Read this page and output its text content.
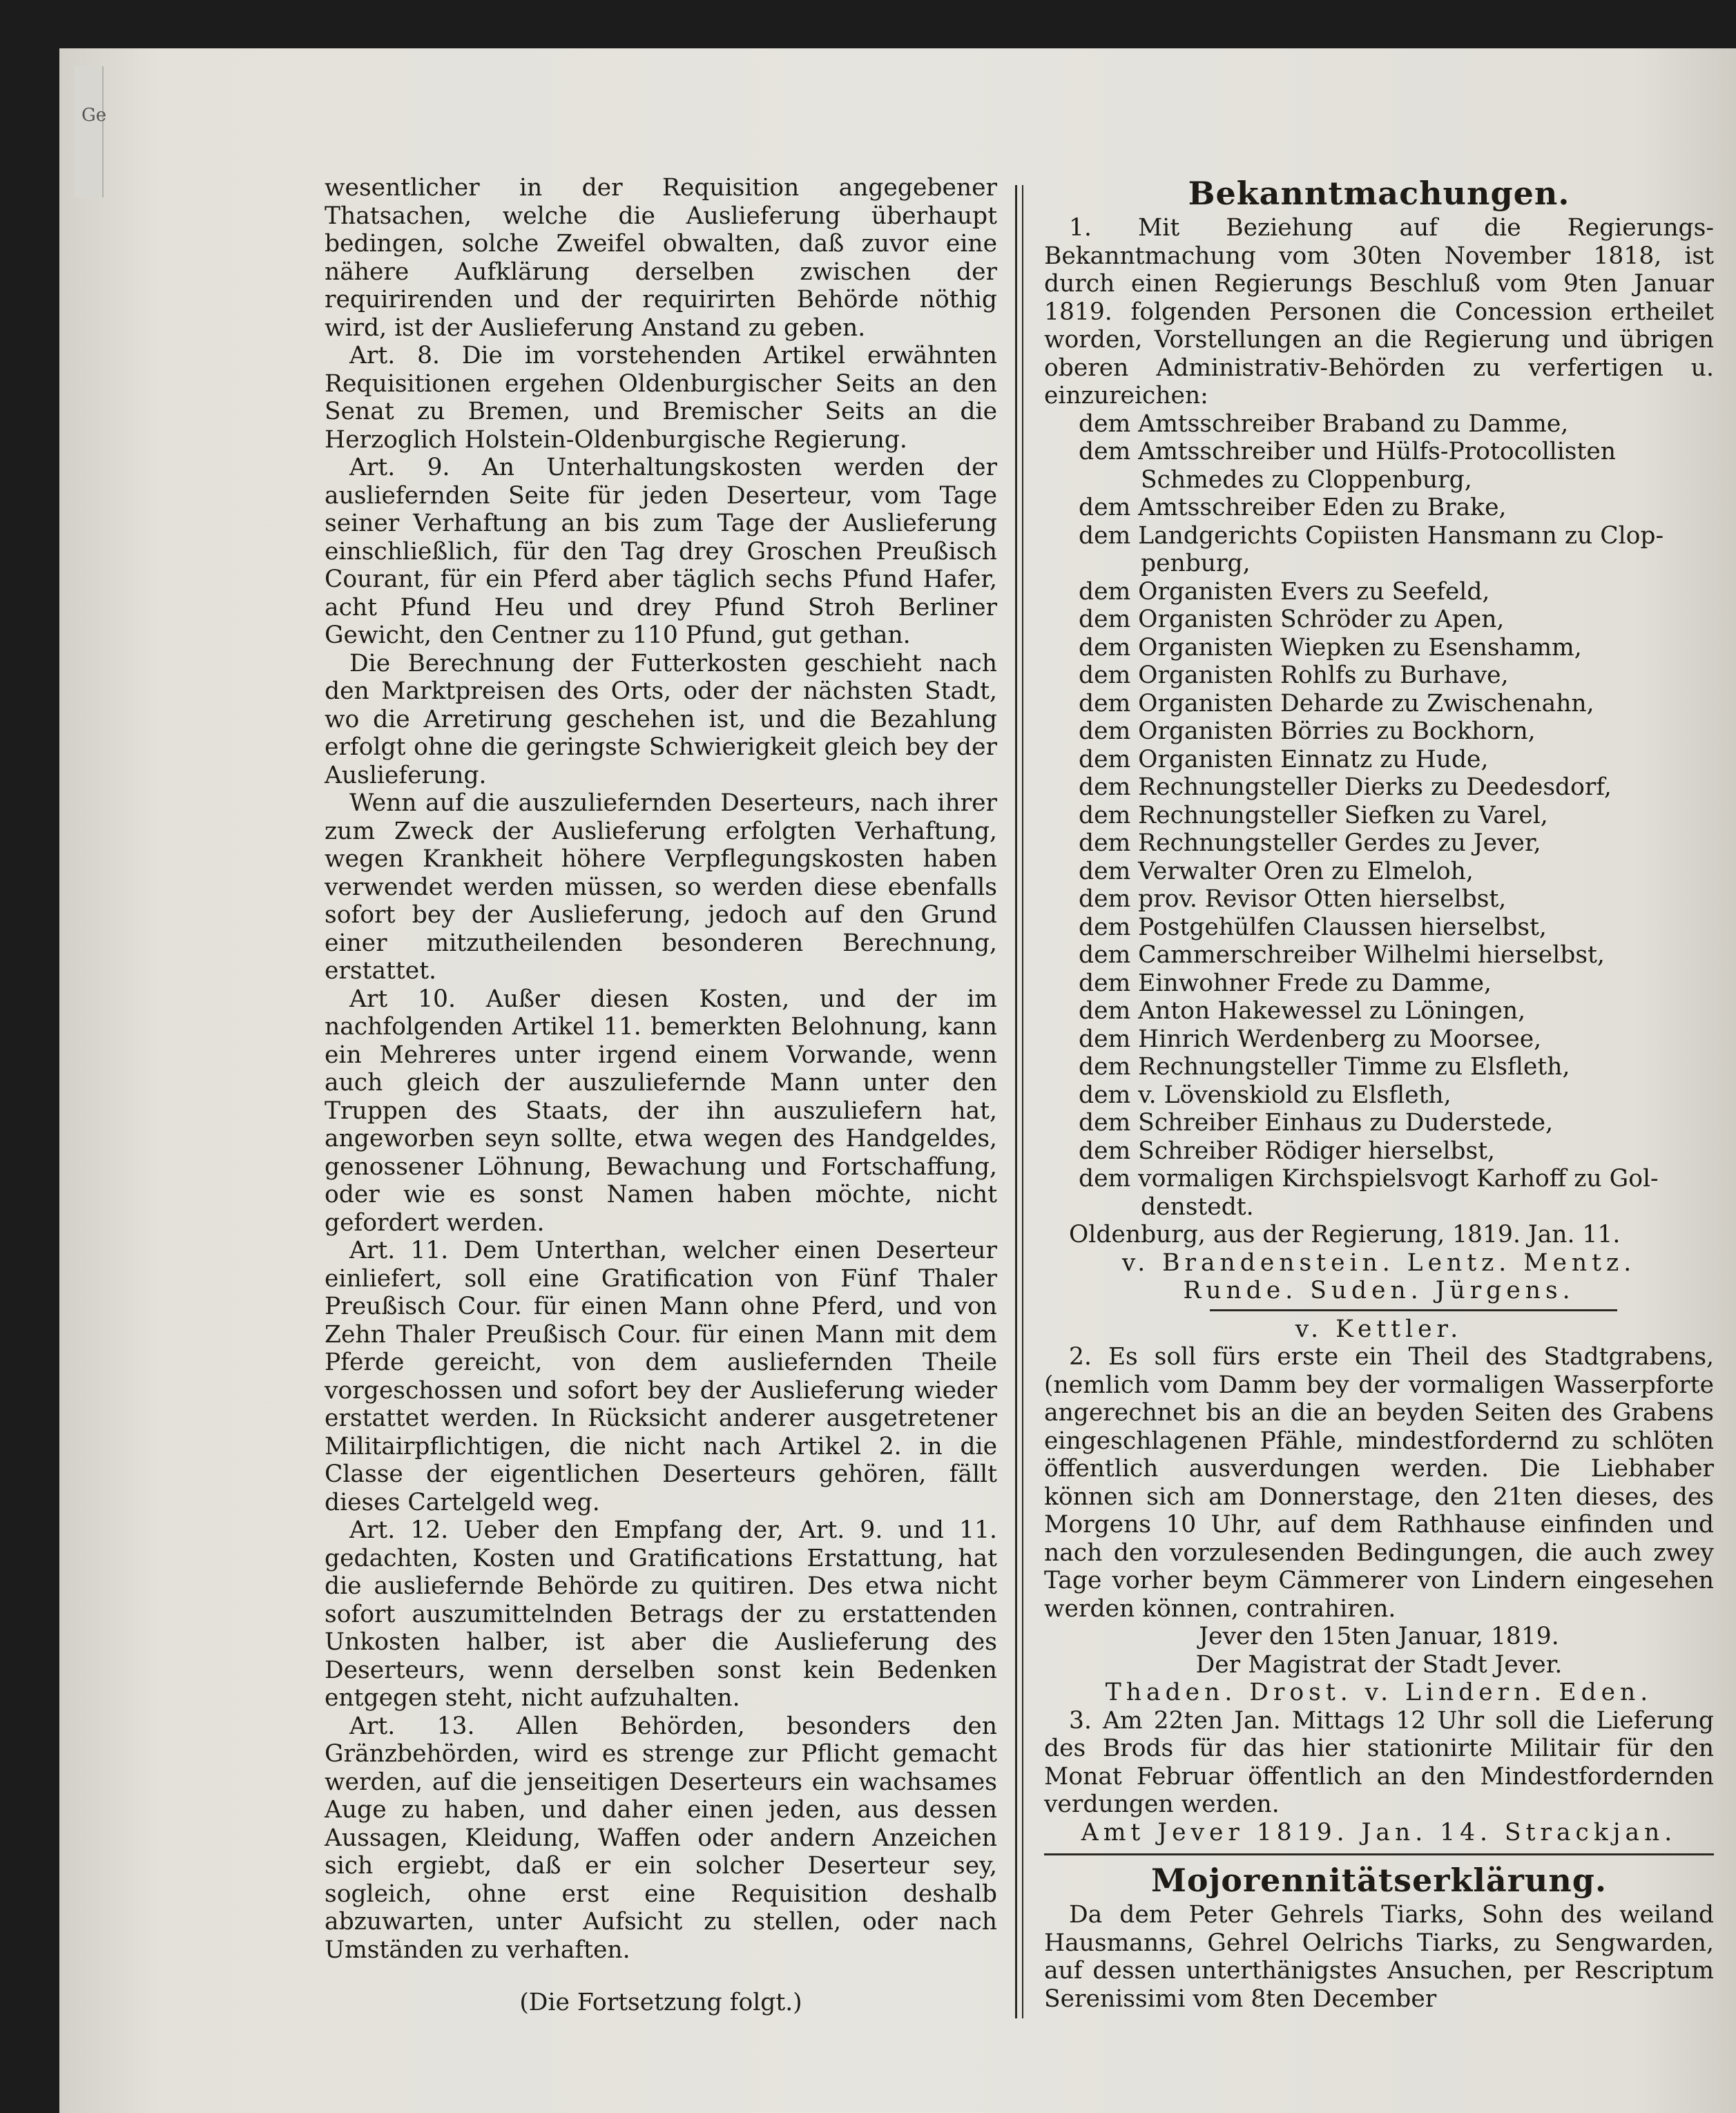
Ge

wesentlicher in der Requisition angegebener Thatsachen, welche die Auslieferung überhaupt bedingen, solche Zweifel obwalten, daß zuvor eine nähere Aufklärung derselben zwischen der requirirenden und der requirirten Behörde nöthig wird, ist der Auslieferung Anstand zu geben.

Art. 8. Die im vorstehenden Artikel erwähnten Requisitionen ergehen Oldenburgischer Seits an den Senat zu Bremen, und Bremischer Seits an die Herzoglich Holstein-Oldenburgische Regierung.

Art. 9. An Unterhaltungskosten werden der ausliefernden Seite für jeden Deserteur, vom Tage seiner Verhaftung an bis zum Tage der Auslieferung einschließlich, für den Tag drey Groschen Preußisch Courant, für ein Pferd aber täglich sechs Pfund Hafer, acht Pfund Heu und drey Pfund Stroh Berliner Gewicht, den Centner zu 110 Pfund, gut gethan.

Die Berechnung der Futterkosten geschieht nach den Marktpreisen des Orts, oder der nächsten Stadt, wo die Arretirung geschehen ist, und die Bezahlung erfolgt ohne die geringste Schwierigkeit gleich bey der Auslieferung.

Wenn auf die auszuliefernden Deserteurs, nach ihrer zum Zweck der Auslieferung erfolgten Verhaftung, wegen Krankheit höhere Verpflegungskosten haben verwendet werden müssen, so werden diese ebenfalls sofort bey der Auslieferung, jedoch auf den Grund einer mitzutheilenden besonderen Berechnung, erstattet.

Art 10. Außer diesen Kosten, und der im nachfolgenden Artikel 11. bemerkten Belohnung, kann ein Mehreres unter irgend einem Vorwande, wenn auch gleich der auszuliefernde Mann unter den Truppen des Staats, der ihn auszuliefern hat, angeworben seyn sollte, etwa wegen des Handgeldes, genossener Löhnung, Bewachung und Fortschaffung, oder wie es sonst Namen haben möchte, nicht gefordert werden.

Art. 11. Dem Unterthan, welcher einen Deserteur einliefert, soll eine Gratification von Fünf Thaler Preußisch Cour. für einen Mann ohne Pferd, und von Zehn Thaler Preußisch Cour. für einen Mann mit dem Pferde gereicht, von dem ausliefernden Theile vorgeschossen und sofort bey der Auslieferung wieder erstattet werden. In Rücksicht anderer ausgetretener Militairpflichtigen, die nicht nach Artikel 2. in die Classe der eigentlichen Deserteurs gehören, fällt dieses Cartelgeld weg.

Art. 12. Ueber den Empfang der, Art. 9. und 11. gedachten, Kosten und Gratifications Erstattung, hat die ausliefernde Behörde zu quitiren. Des etwa nicht sofort auszumittelnden Betrags der zu erstattenden Unkosten halber, ist aber die Auslieferung des Deserteurs, wenn derselben sonst kein Bedenken entgegen steht, nicht aufzuhalten.

Art. 13. Allen Behörden, besonders den Gränzbehörden, wird es strenge zur Pflicht gemacht werden, auf die jenseitigen Deserteurs ein wachsames Auge zu haben, und daher einen jeden, aus dessen Aussagen, Kleidung, Waffen oder andern Anzeichen sich ergiebt, daß er ein solcher Deserteur sey, sogleich, ohne erst eine Requisition deshalb abzuwarten, unter Aufsicht zu stellen, oder nach Umständen zu verhaften.

(Die Fortsetzung folgt.)

Bekanntmachungen.

1. Mit Beziehung auf die Regierungs-Bekanntmachung vom 30ten November 1818, ist durch einen Regierungs Beschluß vom 9ten Januar 1819. folgenden Personen die Concession ertheilet worden, Vorstellungen an die Regierung und übrigen oberen Administrativ-Behörden zu verfertigen u. einzureichen:

dem Amtsschreiber Braband zu Damme,
dem Amtsschreiber und Hülfs-Protocollisten
Schmedes zu Cloppenburg,
dem Amtsschreiber Eden zu Brake,
dem Landgerichts Copiisten Hansmann zu Clop-
penburg,
dem Organisten Evers zu Seefeld,
dem Organisten Schröder zu Apen,
dem Organisten Wiepken zu Esenshamm,
dem Organisten Rohlfs zu Burhave,
dem Organisten Deharde zu Zwischenahn,
dem Organisten Börries zu Bockhorn,
dem Organisten Einnatz zu Hude,
dem Rechnungsteller Dierks zu Deedesdorf,
dem Rechnungsteller Siefken zu Varel,
dem Rechnungsteller Gerdes zu Jever,
dem Verwalter Oren zu Elmeloh,
dem prov. Revisor Otten hierselbst,
dem Postgehülfen Claussen hierselbst,
dem Cammerschreiber Wilhelmi hierselbst,
dem Einwohner Frede zu Damme,
dem Anton Hakewessel zu Löningen,
dem Hinrich Werdenberg zu Moorsee,
dem Rechnungsteller Timme zu Elsfleth,
dem v. Lövenskiold zu Elsfleth,
dem Schreiber Einhaus zu Duderstede,
dem Schreiber Rödiger hierselbst,
dem vormaligen Kirchspielsvogt Karhoff zu Gol-
denstedt.

Oldenburg, aus der Regierung, 1819. Jan. 11.

v. Brandenstein. Lentz. Mentz.

Runde. Suden. Jürgens.

v. Kettler.

2. Es soll fürs erste ein Theil des Stadtgrabens, (nemlich vom Damm bey der vormaligen Wasserpforte angerechnet bis an die an beyden Seiten des Grabens eingeschlagenen Pfähle, mindestfordernd zu schlöten öffentlich ausverdungen werden. Die Liebhaber können sich am Donnerstage, den 21ten dieses, des Morgens 10 Uhr, auf dem Rathhause einfinden und nach den vorzulesenden Bedingungen, die auch zwey Tage vorher beym Cämmerer von Lindern eingesehen werden können, contrahiren.

Jever den 15ten Januar, 1819.

Der Magistrat der Stadt Jever.

Thaden. Drost. v. Lindern. Eden.

3. Am 22ten Jan. Mittags 12 Uhr soll die Lieferung des Brods für das hier stationirte Militair für den Monat Februar öffentlich an den Mindestfordernden verdungen werden.

Amt Jever 1819. Jan. 14. Strackjan.

Mojorennitätserklärung.

Da dem Peter Gehrels Tiarks, Sohn des weiland Hausmanns, Gehrel Oelrichs Tiarks, zu Sengwarden, auf dessen unterthänigstes Ansuchen, per Rescriptum Serenissimi vom 8ten December
